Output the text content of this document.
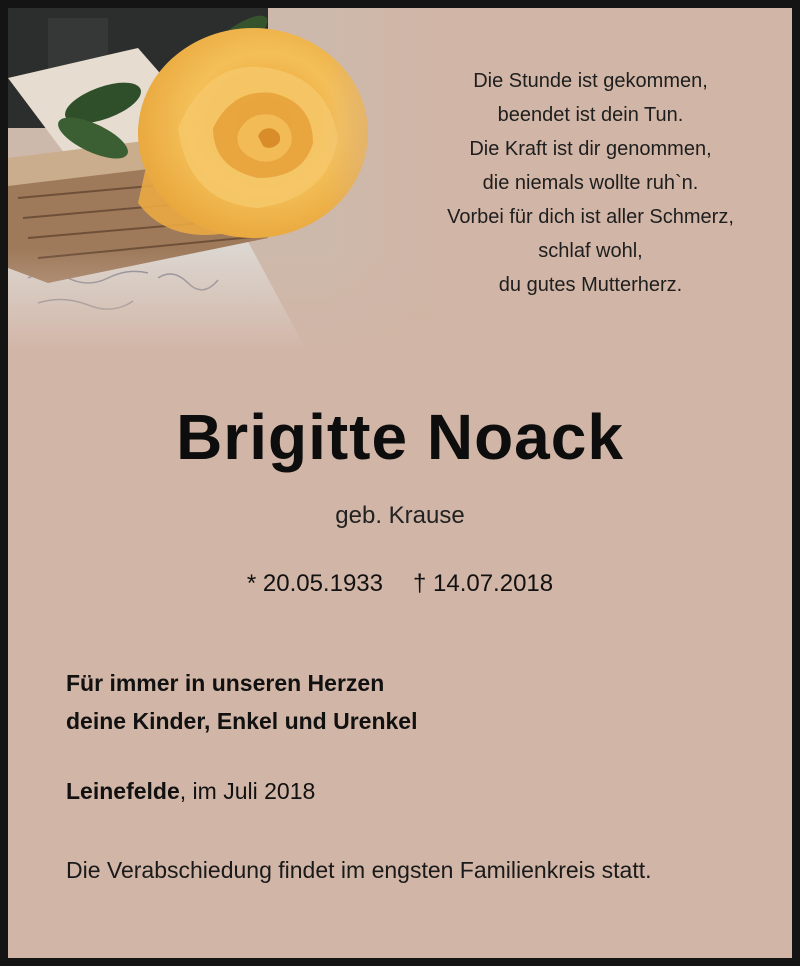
Die Stunde ist gekommen,
beendet ist dein Tun.
Die Kraft ist dir genommen,
die niemals wollte ruh`n.
Vorbei für dich ist aller Schmerz,
schlaf wohl,
du gutes Mutterherz.
Brigitte Noack
geb. Krause
* 20.05.1933 † 14.07.2018
Für immer in unseren Herzen
deine Kinder, Enkel und Urenkel
Leinefelde, im Juli 2018
Die Verabschiedung findet im engsten Familienkreis statt.
